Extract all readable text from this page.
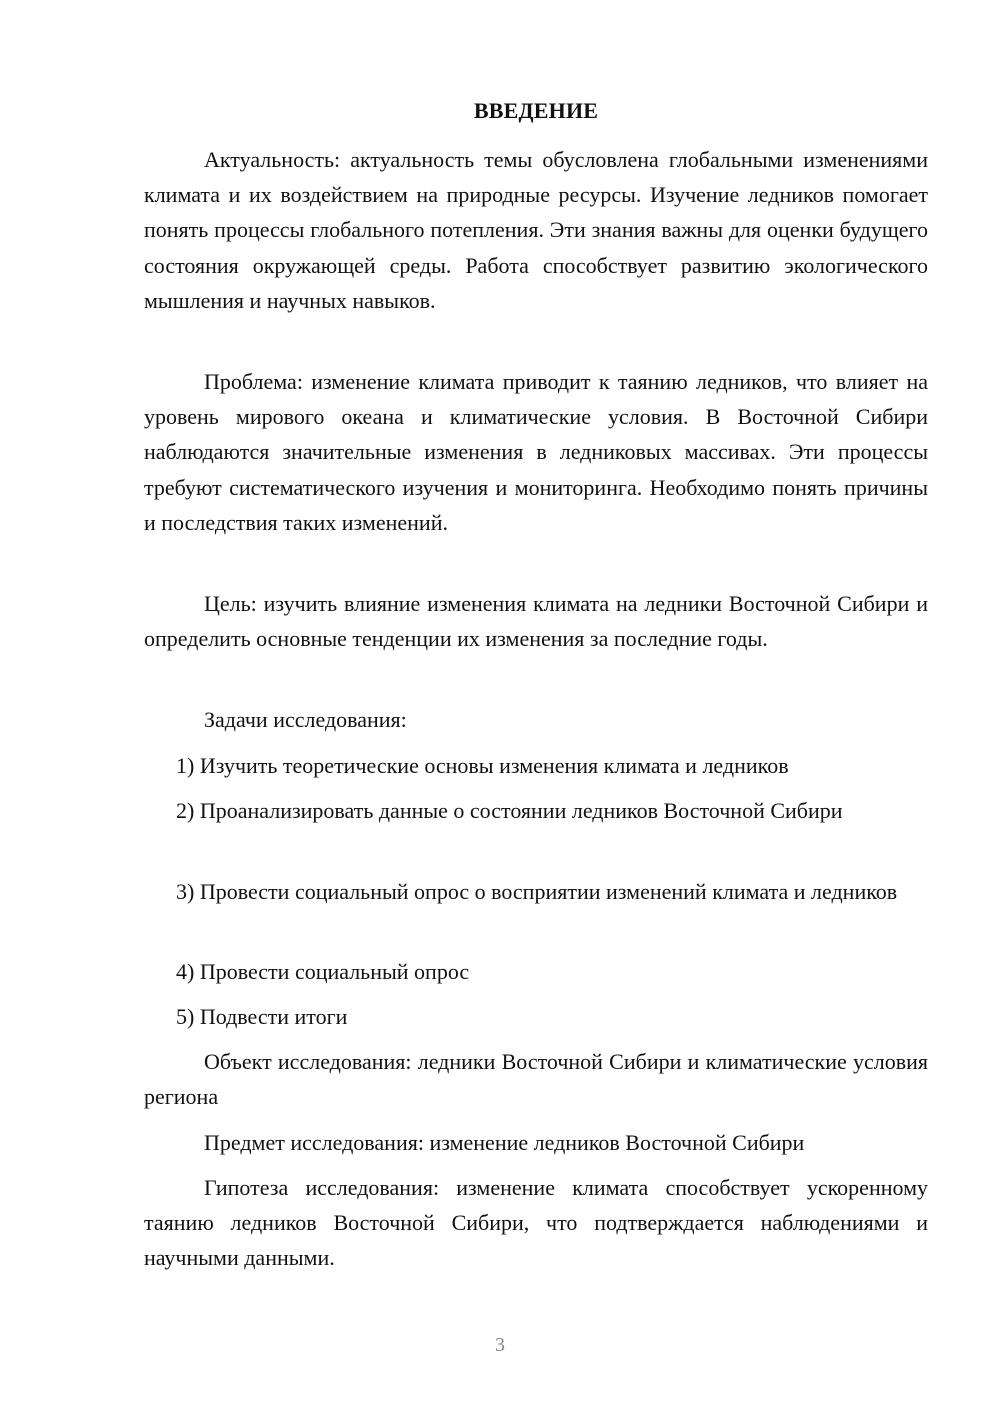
ВВЕДЕНИЕ

Актуальность: актуальность темы обусловлена глобальными изменениями климата и их воздействием на природные ресурсы. Изучение ледников помогает понять процессы глобального потепления. Эти знания важны для оценки будущего состояния окружающей среды. Работа способствует развитию экологического мышления и научных навыков.

Проблема: изменение климата приводит к таянию ледников, что влияет на уровень мирового океана и климатические условия. В Восточной Сибири наблюдаются значительные изменения в ледниковых массивах. Эти процессы требуют систематического изучения и мониторинга. Необходимо понять причины и последствия таких изменений.

Цель: изучить влияние изменения климата на ледники Восточной Сибири и определить основные тенденции их изменения за последние годы.

Задачи исследования:

1) Изучить теоретические основы изменения климата и ледников

2) Проанализировать данные о состоянии ледников Восточной Сибири

3) Провести социальный опрос о восприятии изменений климата и ледников

4) Провести социальный опрос

5) Подвести итоги

Объект исследования: ледники Восточной Сибири и климатические условия региона

Предмет исследования: изменение ледников Восточной Сибири

Гипотеза исследования: изменение климата способствует ускоренному таянию ледников Восточной Сибири, что подтверждается наблюдениями и научными данными.

3
